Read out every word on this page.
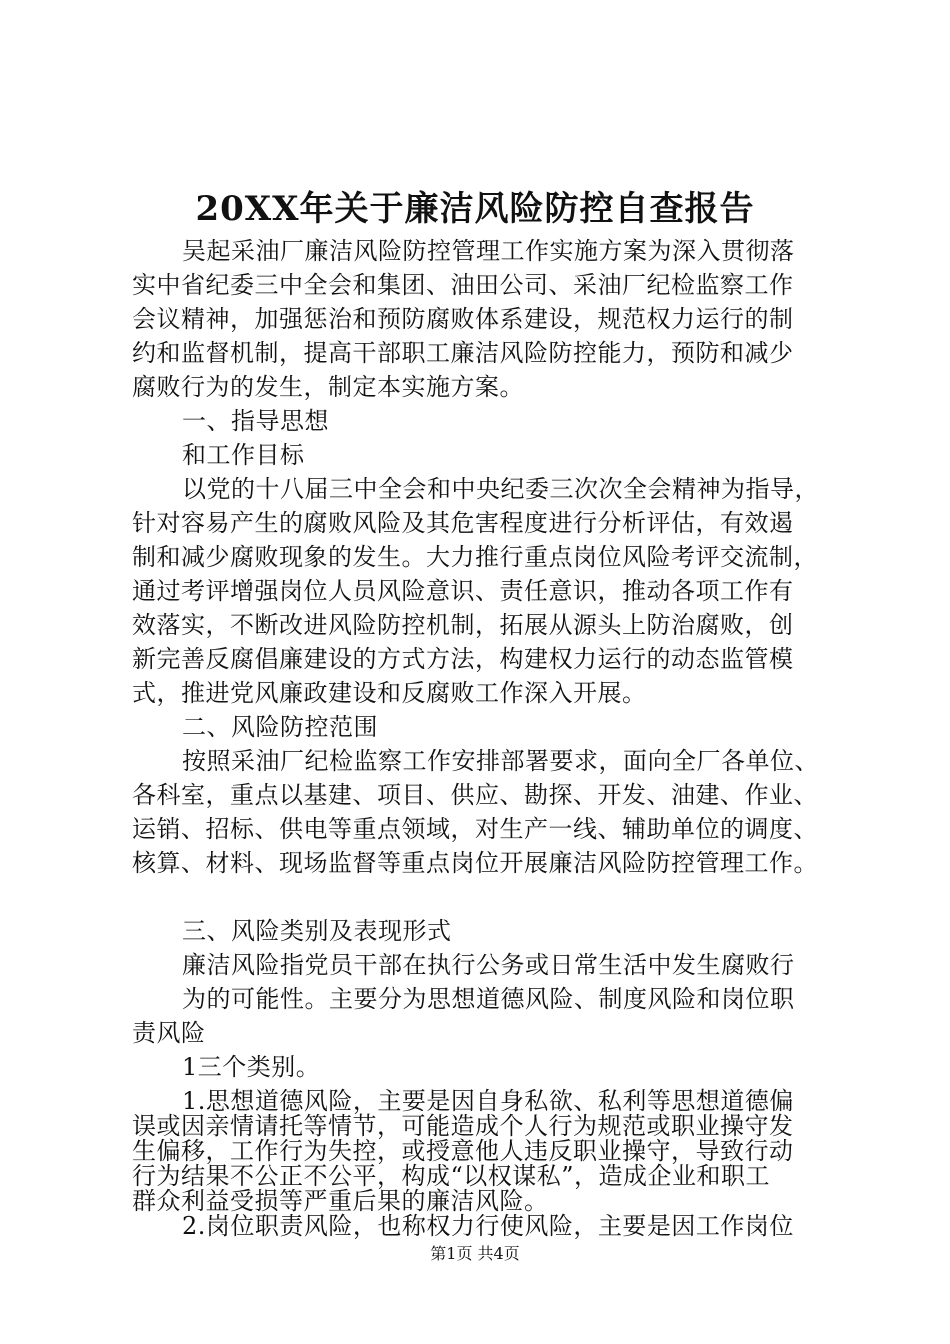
20XX年关于廉洁风险防控自查报告
吴起采油厂廉洁风险防控管理工作实施方案为深入贯彻落
实中省纪委三中全会和集团、油田公司、采油厂纪检监察工作
会议精神，加强惩治和预防腐败体系建设，规范权力运行的制
约和监督机制，提高干部职工廉洁风险防控能力，预防和减少
腐败行为的发生，制定本实施方案。
一、指导思想
和工作目标
以党的十八届三中全会和中央纪委三次次全会精神为指导，
针对容易产生的腐败风险及其危害程度进行分析评估，有效遏
制和减少腐败现象的发生。大力推行重点岗位风险考评交流制，
通过考评增强岗位人员风险意识、责任意识，推动各项工作有
效落实，不断改进风险防控机制，拓展从源头上防治腐败，创
新完善反腐倡廉建设的方式方法，构建权力运行的动态监管模
式，推进党风廉政建设和反腐败工作深入开展。
二、风险防控范围
按照采油厂纪检监察工作安排部署要求，面向全厂各单位、
各科室，重点以基建、项目、供应、勘探、开发、油建、作业、
运销、招标、供电等重点领域，对生产一线、辅助单位的调度、
核算、材料、现场监督等重点岗位开展廉洁风险防控管理工作。
三、风险类别及表现形式
廉洁风险指党员干部在执行公务或日常生活中发生腐败行
为的可能性。主要分为思想道德风险、制度风险和岗位职
责风险
1三个类别。
1.思想道德风险，主要是因自身私欲、私利等思想道德偏
误或因亲情请托等情节，可能造成个人行为规范或职业操守发
生偏移，工作行为失控，或授意他人违反职业操守，导致行动
行为结果不公正不公平，构成“以权谋私”，造成企业和职工
群众利益受损等严重后果的廉洁风险。
2.岗位职责风险，也称权力行使风险，主要是因工作岗位
第1页 共4页
